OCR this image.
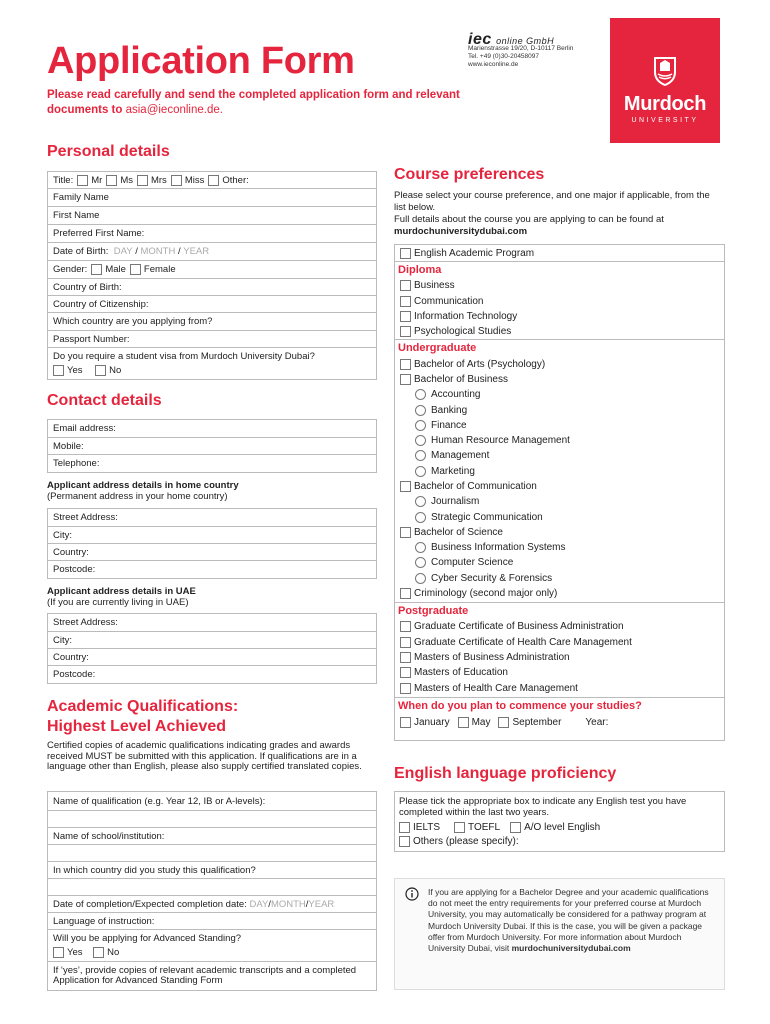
Application Form
Please read carefully and send the completed application form and relevant documents to asia@ieconline.de.
iec online GmbH
Marienstrasse 19/20, D-10117 Berlin
Tel. +49 (0)30-20458097
www.ieconline.de
Murdoch
UNIVERSITY
Personal details
Title: Mr Ms Mrs Miss Other:
Family Name
First Name
Preferred First Name:
Date of Birth:
DAY / MONTH / YEAR
Gender: Male Female
Country of Birth:
Country of Citizenship:
Which country are you applying from?
Passport Number:
Do you require a student visa from Murdoch University Dubai?
Yes	No
Contact details
Email address:
Mobile:
Telephone:
Applicant address details in home country
(Permanent address in your home country)
Street Address:
City:
Country:
Postcode:
Applicant address details in UAE
(If you are currently living in UAE)
Street Address:
City:
Country:
Postcode:
Academic Qualifications:
Highest Level Achieved
Certified copies of academic qualifications indicating grades and awards received MUST be submitted with this application. If qualifications are in a language other than English, please also supply certified translated copies.
Name of qualification (e.g. Year 12, IB or A-levels):
Name of school/institution:
In which country did you study this qualification?
Date of completion/Expected completion date:
DAY / MONTH / YEAR
Language of instruction:
Will you be applying for Advanced Standing?
Yes	No
If ‘yes’, provide copies of relevant academic transcripts and a completed Application for Advanced Standing Form
Course preferences
Please select your course preference, and one major if applicable, from the list below.
Full details about the course you are applying to can be found at
murdochuniversitydubai.com
English Academic Program
Diploma
Business
Communication
Information Technology
Psychological Studies
Undergraduate
Bachelor of Arts (Psychology)
Bachelor of Business
Accounting
Banking
Finance
Human Resource Management
Management
Marketing
Bachelor of Communication
Journalism
Strategic Communication
Bachelor of Science
Business Information Systems
Computer Science
Cyber Security & Forensics
Criminology (second major only)
Postgraduate
Graduate Certificate of Business Administration
Graduate Certificate of Health Care Management
Masters of Business Administration
Masters of Education
Masters of Health Care Management
When do you plan to commence your studies?
January May September Year:
English language proficiency
Please tick the appropriate box to indicate any English test you have completed within the last two years.
IELTS	TOEFL A/O level English
Others (please specify):
If you are applying for a Bachelor Degree and your academic qualifications do not meet the entry requirements for your preferred course at Murdoch University, you may automatically be considered for a pathway program at Murdoch University Dubai. If this is the case, you will be given a package offer from Murdoch University. For more information about Murdoch University Dubai, visit murdochuniversitydubai.com
